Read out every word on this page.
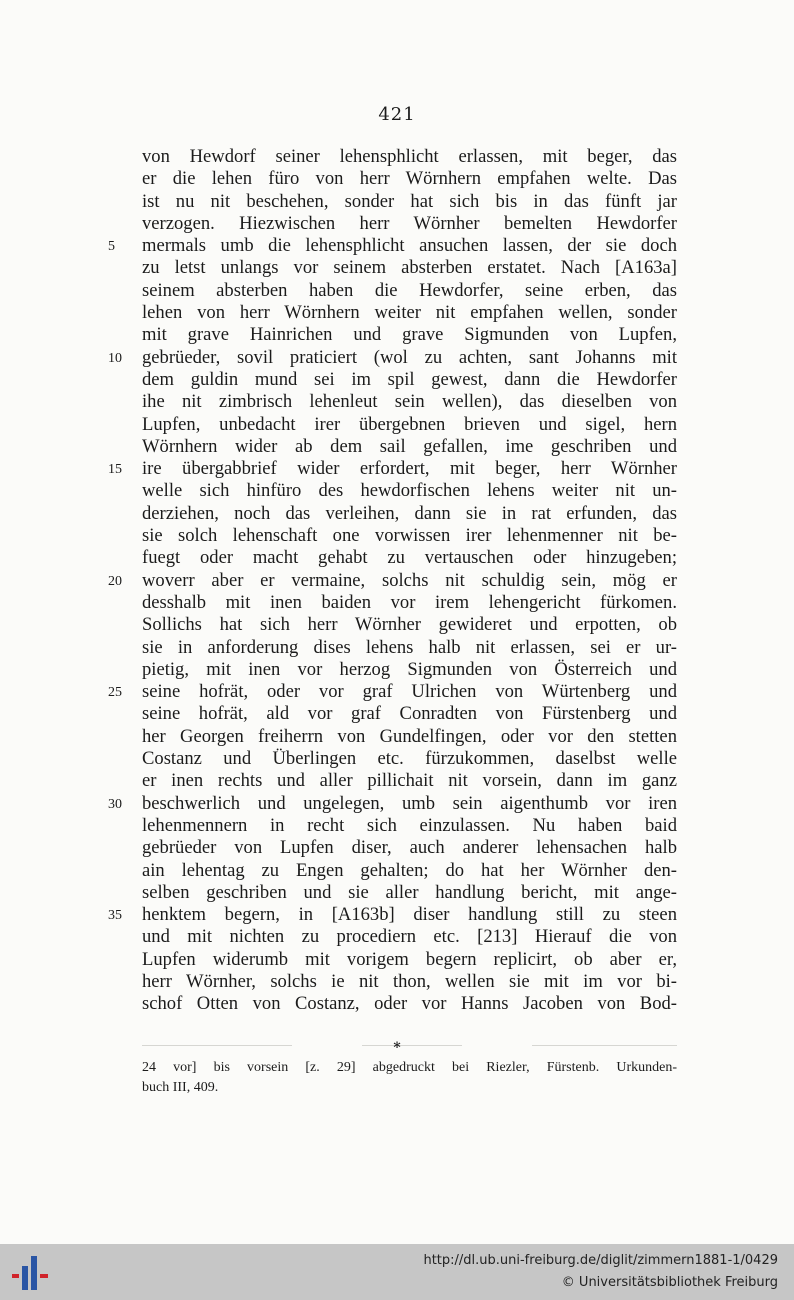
421
von Hewdorf seiner lehensphlicht erlassen, mit beger, das
er die lehen füro von herr Wörnhern empfahen welte. Das
ist nu nit beschehen, sonder hat sich bis in das fünft jar
verzogen. Hiezwischen herr Wörnher bemelten Hewdorfer
5	mermals umb die lehensphlicht ansuchen lassen, der sie doch
zu letst unlangs vor seinem absterben erstatet. Nach [A163a]
seinem absterben haben die Hewdorfer, seine erben, das
lehen von herr Wörnhern weiter nit empfahen wellen, sonder
mit grave Hainrichen und grave Sigmunden von Lupfen,
10	gebrüeder, sovil praticiert (wol zu achten, sant Johanns mit
dem guldin mund sei im spil gewest, dann die Hewdorfer
ihe nit zimbrisch lehenleut sein wellen), das dieselben von
Lupfen, unbedacht irer übergebnen brieven und sigel, hern
Wörnhern wider ab dem sail gefallen, ime geschriben und
15	ire übergabbrief wider erfordert, mit beger, herr Wörnher
welle sich hinfüro des hewdorfischen lehens weiter nit un-
derziehen, noch das verleihen, dann sie in rat erfunden, das
sie solch lehenschaft one vorwissen irer lehenmenner nit be-
fuegt oder macht gehabt zu vertauschen oder hinzugeben;
20	woverr aber er vermaine, solchs nit schuldig sein, mög er
desshalb mit inen baiden vor irem lehengericht fürkomen.
Sollichs hat sich herr Wörnher gewideret und erpotten, ob
sie in anforderung dises lehens halb nit erlassen, sei er ur-
pietig, mit inen vor herzog Sigmunden von Österreich und
25	seine hofrät, oder vor graf Ulrichen von Würtenberg und
seine hofrät, ald vor graf Conradten von Fürstenberg und
her Georgen freiherrn von Gundelfingen, oder vor den stetten
Costanz und Überlingen etc. fürzukommen, daselbst welle
er inen rechts und aller pillichait nit vorsein, dann im ganz
30	beschwerlich und ungelegen, umb sein aigenthumb vor iren
lehenmennern in recht sich einzulassen. Nu haben baid
gebrüeder von Lupfen diser, auch anderer lehensachen halb
ain lehentag zu Engen gehalten; do hat her Wörnher den-
selben geschriben und sie aller handlung bericht, mit ange-
35	henktem begern, in [A163b] diser handlung still zu steen
und mit nichten zu procediern etc. [213] Hierauf die von
Lupfen widerumb mit vorigem begern replicirt, ob aber er,
herr Wörnher, solchs ie nit thon, wellen sie mit im vor bi-
schof Otten von Costanz, oder vor Hanns Jacoben von Bod-
*
24 vor] bis vorsein [z. 29] abgedruckt bei Riezler, Fürstenb. Urkunden-
buch III, 409.
http://dl.ub.uni-freiburg.de/diglit/zimmern1881-1/0429
© Universitätsbibliothek Freiburg
